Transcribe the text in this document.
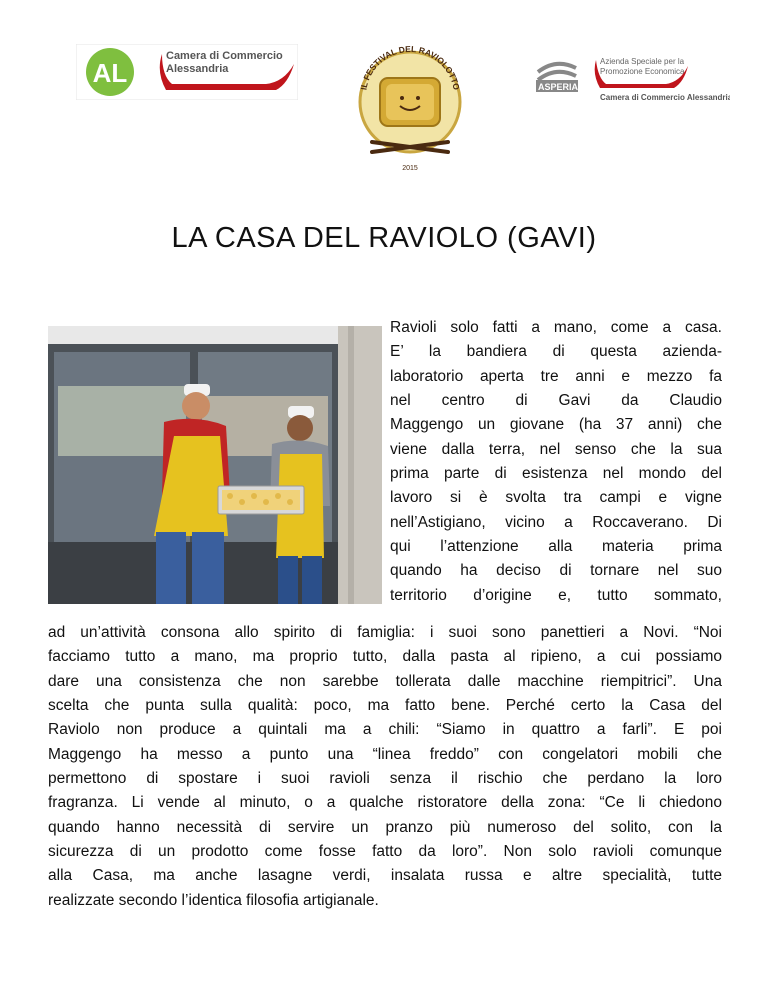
AL
Camera di Commercio
Alessandria
IL FESTIVAL DEL RAVIOLOTTO
2015
ASPERIA
Azienda Speciale per la
Promozione Economica
Camera di Commercio Alessandria
LA CASA DEL RAVIOLO (GAVI)
Ravioli solo fatti a mano, come a casa.
E’ la bandiera di questa azienda-
laboratorio aperta tre anni e mezzo fa
nel centro di Gavi da Claudio
Maggengo un giovane (ha 37 anni) che
viene dalla terra, nel senso che la sua
prima parte di esistenza nel mondo del
lavoro si è svolta tra campi e vigne
nell’Astigiano, vicino a Roccaverano. Di
qui l’attenzione alla materia prima
quando ha deciso di tornare nel suo
territorio d’origine e, tutto sommato,
ad un’attività consona allo spirito di famiglia: i suoi sono panettieri a Novi. “Noi
facciamo tutto a mano, ma proprio tutto, dalla pasta al ripieno, a cui possiamo
dare una consistenza che non sarebbe tollerata dalle macchine riempitrici”. Una
scelta che punta sulla qualità: poco, ma fatto bene. Perché certo la Casa del
Raviolo non produce a quintali ma a chili: “Siamo in quattro a farli”. E poi
Maggengo ha messo a punto una “linea freddo” con congelatori mobili che
permettono di spostare i suoi ravioli senza il rischio che perdano la loro
fragranza. Li vende al minuto, o a qualche ristoratore della zona: “Ce li chiedono
quando hanno necessità di servire un pranzo più numeroso del solito, con la
sicurezza di un prodotto come fosse fatto da loro”. Non solo ravioli comunque
alla Casa, ma anche lasagne verdi, insalata russa e altre specialità, tutte
realizzate secondo l’identica filosofia artigianale.
